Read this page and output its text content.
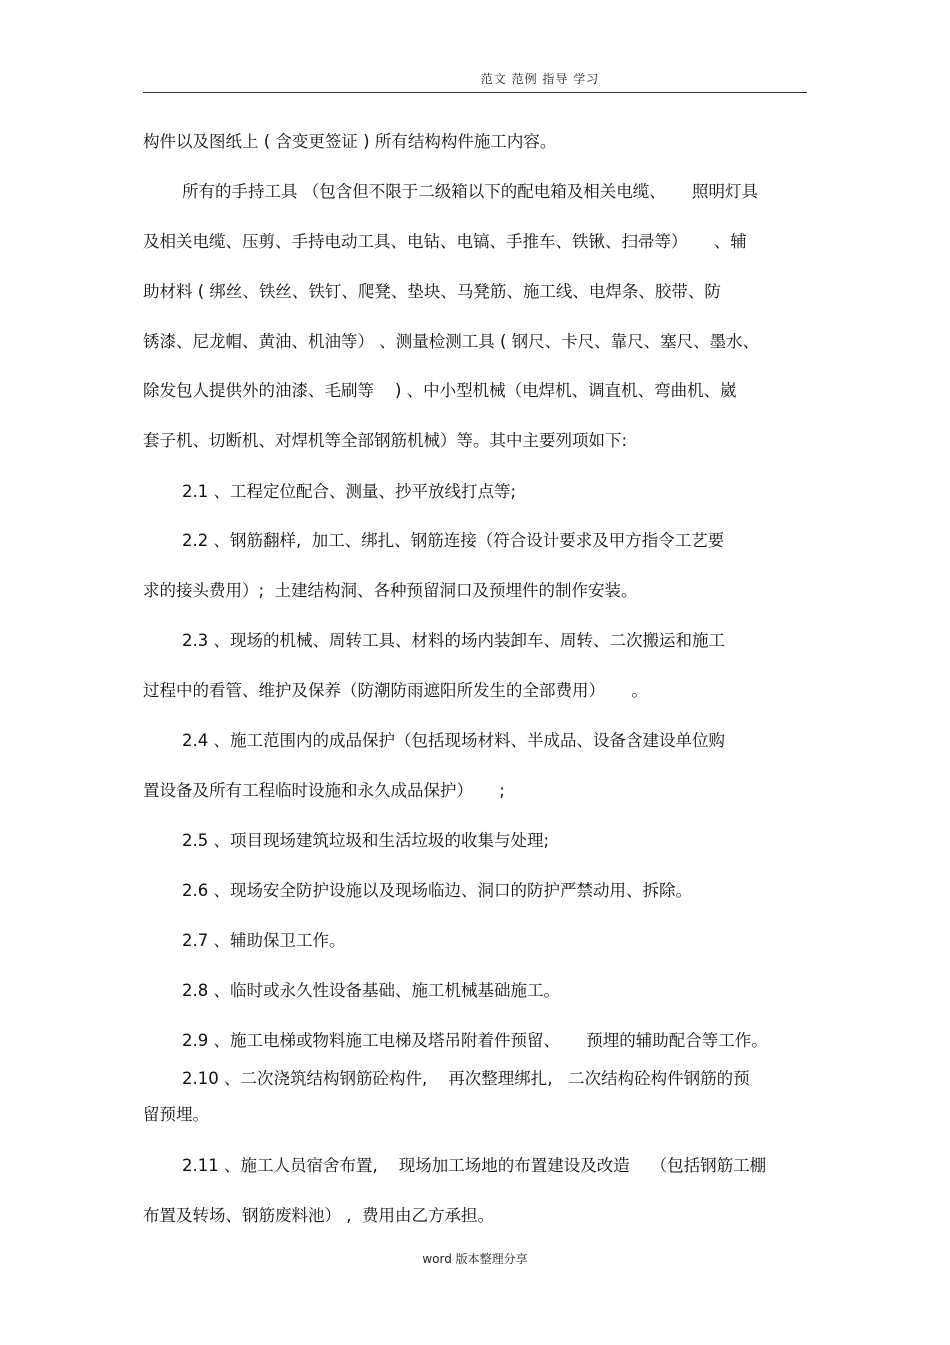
范文 范例 指导 学习
构件以及图纸上 ( 含变更签证 ) 所有结构构件施工内容。
所有的手持工具 （包含但不限于二级箱以下的配电箱及相关电缆、     照明灯具
及相关电缆、压剪、手持电动工具、电钻、电镐、手推车、铁锹、扫帚等）     、辅
助材料 ( 绑丝、铁丝、铁钉、爬凳、垫块、马凳筋、施工线、电焊条、胶带、防
锈漆、尼龙帽、黄油、机油等） 、测量检测工具 ( 钢尺、卡尺、靠尺、塞尺、墨水、
除发包人提供外的油漆、毛刷等    ) 、中小型机械（电焊机、调直机、弯曲机、崴
套子机、切断机、对焊机等全部钢筋机械）等。其中主要列项如下:
2.1 、工程定位配合、测量、抄平放线打点等;
2.2 、钢筋翻样,  加工、绑扎、钢筋连接（符合设计要求及甲方指令工艺要
求的接头费用）;  土建结构洞、各种预留洞口及预埋件的制作安装。
2.3 、现场的机械、周转工具、材料的场内装卸车、周转、二次搬运和施工
过程中的看管、维护及保养（防潮防雨遮阳所发生的全部费用）     。
2.4 、施工范围内的成品保护（包括现场材料、半成品、设备含建设单位购
置设备及所有工程临时设施和永久成品保护）     ;
2.5 、项目现场建筑垃圾和生活垃圾的收集与处理;
2.6 、现场安全防护设施以及现场临边、洞口的防护严禁动用、拆除。
2.7 、辅助保卫工作。
2.8 、临时或永久性设备基础、施工机械基础施工。
2.9 、施工电梯或物料施工电梯及塔吊附着件预留、     预埋的辅助配合等工作。
2.10 、二次浇筑结构钢筋砼构件,    再次整理绑扎,   二次结构砼构件钢筋的预
留预埋。
2.11 、施工人员宿舍布置,    现场加工场地的布置建设及改造    （包括钢筋工棚
布置及转场、钢筋废料池） ,  费用由乙方承担。
word 版本整理分享
